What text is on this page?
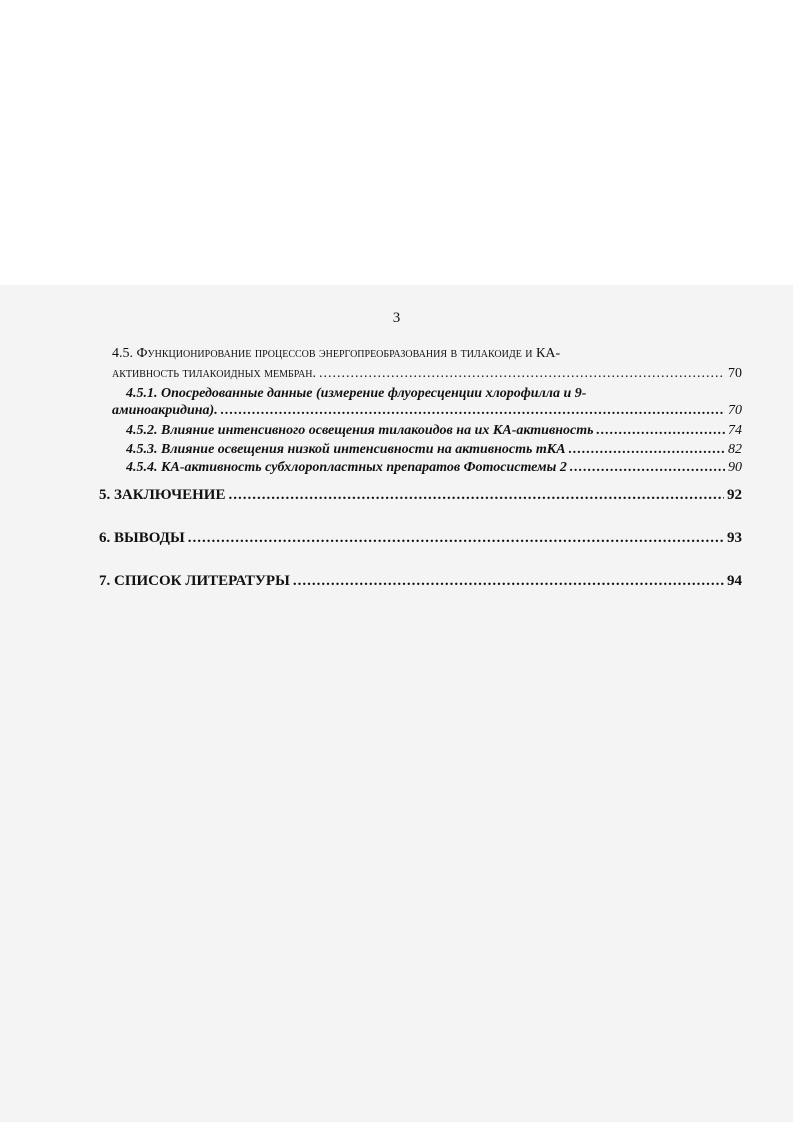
3
4.5. Функционирование процессов энергопреобразования в тилакоиде и КА-
активность тилакоидных мембран. .....	70
4.5.1. Опосредованные данные (измерение флуоресценции хлорофилла и 9-
аминоакридина). .....	70
4.5.2. Влияние интенсивного освещения тилакоидов на их КА-активность .....	74
4.5.3. Влияние освещения низкой интенсивности на активность тКА .....	82
4.5.4. КА-активность субхлоропластных препаратов Фотосистемы 2 .....	90
5. ЗАКЛЮЧЕНИЕ .....	92
6. ВЫВОДЫ .....	93
7. СПИСОК ЛИТЕРАТУРЫ .....	94
